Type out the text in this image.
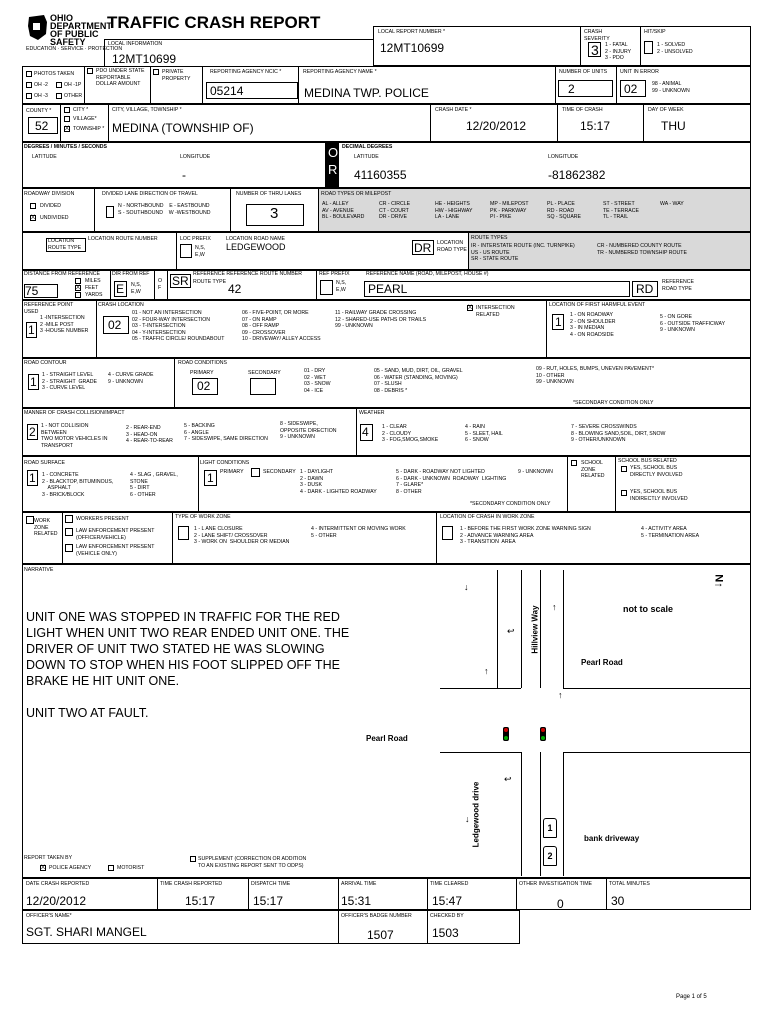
OHIO DEPARTMENT OF PUBLIC SAFETY
EDUCATION · SERVICE · PROTECTION
TRAFFIC CRASH REPORT
LOCAL INFORMATION
12MT10699
LOCAL REPORT NUMBER *
12MT10699
CRASH SEVERITY
3 1 - FATAL
2 - INJURY
3 - PDO
HIT/SKIP
1 - SOLVED
2 - UNSOLVED
PHOTOS TAKEN
OH -2	OH -1P
OH -3	OTHER
PDO UNDER STATE REPORTABLE DOLLAR AMOUNT
PRIVATE PROPERTY
REPORTING AGENCY NCIC *
05214
REPORTING AGENCY NAME *
MEDINA TWP. POLICE
NUMBER OF UNITS
2
UNIT IN ERROR
02	98 - ANIMAL
99 - UNKNOWN
COUNTY *
52
CITY *
VILLAGE*
X TOWNSHIP *
CITY, VILLAGE, TOWNSHIP *
MEDINA (TOWNSHIP OF)
CRASH DATE *
12/20/2012
TIME OF CRASH
15:17
DAY OF WEEK
THU
DEGREES / MINUTES / SECONDS
LATITUDE	LONGITUDE
-
O
R
DECIMAL DEGREES
LATITUDE	LONGITUDE
41160355	-81862382
ROADWAY DIVISION
DIVIDED
X UNDIVIDED
DIVIDED LANE DIRECTION OF TRAVEL
N - NORTHBOUND    E - EASTBOUND
S - SOUTHBOUND    W -WESTBOUND
NUMBER OF THRU LANES
3
ROAD TYPES OR MILEPOST
AL - ALLEY
AV - AVENUE
BL - BOULEVARD
CR - CIRCLE
CT - COURT
DR - DRIVE
HE - HEIGHTS
HW - HIGHWAY
LA - LANE
MP - MILEPOST
PK - PARKWAY
PI - PIKE
PL - PLACE
RD - ROAD
SQ - SQUARE
ST - STREET
TE - TERRACE
TL - TRAIL
WA - WAY
LOCATION ROUTE TYPE
LOCATION ROUTE NUMBER	LOC PREFIX
N,S,
E,W
LOCATION ROAD NAME
LEDGEWOOD	DR LOCATION ROAD TYPE
ROUTE TYPES
IR - INTERSTATE ROUTE (INC. TURNPIKE)
US - US ROUTE
SR - STATE ROUTE
CR - NUMBERED COUNTY ROUTE
TR - NUMBERED TOWNSHIP ROUTE
DISTANCE FROM REFERENCE
75
MILES
X FEET
YARDS
DIR FROM REF
E N,S,
E,W
O
F SR REFERENCE REFERENCE ROUTE NUMBER
ROUTE TYPE 42
REF PREFIX
N,S,
E,W
REFERENCE NAME (ROAD, MILEPOST, HOUSE #)
PEARL	RD REFERENCE ROAD TYPE
REFERENCE POINT USED
1
1 -INTERSECTION
2 -MILE POST
3 -HOUSE NUMBER
CRASH LOCATION
02
01 - NOT AN INTERSECTION
02 - FOUR-WAY INTERSECTION
03 - T-INTERSECTION
04 - Y-INTERSECTION
05 - TRAFFIC CIRCLE/ ROUNDABOUT
06 - FIVE-POINT, OR MORE
07 - ON RAMP
08 - OFF RAMP
09 - CROSSOVER
10 - DRIVEWAY/ ALLEY ACCESS
11 - RAILWAY GRADE CROSSING
12 - SHARED-USE PATHS OR TRAILS
99 - UNKNOWN
X INTERSECTION RELATED
LOCATION OF FIRST HARMFUL EVENT
1 1 - ON ROADWAY
2 - ON SHOULDER
3 - IN MEDIAN
4 - ON ROADSIDE
5 - ON GORE
6 - OUTSIDE TRAFFICWAY
9 - UNKNOWN
ROAD CONTOUR
1 1 - STRAIGHT LEVEL
2 - STRAIGHT  GRADE
3 - CURVE LEVEL
4 - CURVE GRADE
9 - UNKNOWN
ROAD CONDITIONS
PRIMARY	SECONDARY
02
01 - DRY
02 - WET
03 - SNOW
04 - ICE
05 - SAND, MUD, DIRT, OIL, GRAVEL
06 - WATER (STANDING, MOVING)
07 - SLUSH
08 - DEBRIS *
09 - RUT, HOLES, BUMPS, UNEVEN PAVEMENT*
10 - OTHER
99 - UNKNOWN
*SECONDARY CONDITION ONLY
MANNER OF CRASH COLLISION/IMPACT
2 1 - NOT COLLISION
BETWEEN
TWO MOTOR VEHICLES IN
TRANSPORT
2 - REAR-END
3 - HEAD-ON
4 - REAR-TO-REAR
5 - BACKING
6 - ANGLE
7 - SIDESWIPE, SAME DIRECTION
8 - SIDESWIPE,
OPPOSITE DIRECTION
9 - UNKNOWN
WEATHER
4	1 - CLEAR
2 - CLOUDY
3 - FOG,SMOG,SMOKE
4 - RAIN
5 - SLEET, HAIL
6 - SNOW
7 - SEVERE CROSSWINDS
8 - BLOWING SAND,SOIL, DIRT, SNOW
9 - OTHER/UNKNOWN
ROAD SURFACE
1 1 - CONCRETE
2 - BLACKTOP, BITUMINOUS,
ASPHALT
3 - BRICK/BLOCK
4 - SLAG , GRAVEL,
STONE
5 - DIRT
6 - OTHER
LIGHT CONDITIONS
1 PRIMARY	SECONDARY 1 - DAYLIGHT
2 - DAWN
3 - DUSK
4 - DARK - LIGHTED ROADWAY
5 - DARK - ROADWAY NOT LIGHTED
6 - DARK - UNKNOWN  ROADWAY  LIGHTING
7 - GLARE*
8 - OTHER
9 - UNKNOWN
*SECONDARY CONDITION ONLY
SCHOOL ZONE RELATED
SCHOOL BUS RELATED
YES, SCHOOL BUS DIRECTLY INVOLVED
YES, SCHOOL BUS INDIRECTLY INVOLVED
WORK ZONE RELATED
WORKERS PRESENT
LAW ENFORCEMENT PRESENT (OFFICER/VEHICLE)
LAW ENFORCEMENT PRESENT (VEHICLE ONLY)
TYPE OF WORK ZONE
1 - L ANE CLOSURE
2 - LANE SHIFT/ CROSSOVER
3 - WORK ON  SHOULDER OR MEDIAN
4 - INTERMITTENT OR MOVING WORK
5 - OTHER
LOCATION OF CRASH IN WORK ZONE
1 - BEFORE THE FIRST WORK ZONE WARNING SIGN
2 - ADVANCE WARNING AREA
3 - TRANSITION  AREA
4 - ACTIVITY AREA
5 - TERMINATION AREA
NARRATIVE
UNIT ONE WAS STOPPED IN TRAFFIC FOR THE RED
LIGHT WHEN UNIT TWO REAR ENDED UNIT ONE. THE
DRIVER OF UNIT TWO STATED HE WAS SLOWING
DOWN TO STOP WHEN HIS FOOT SLIPPED OFF THE
BRAKE HE HIT UNIT ONE.

UNIT TWO AT FAULT.
N↑
not to scale
Hillview Way
Pearl Road
Pearl Road
Ledgewood drive	bank driveway
↓
↑
↩
↑
↑
↩
↓
1
2
REPORT TAKEN BY
X POLICE AGENCY	MOTORIST
SUPPLEMENT (CORRECTION OR ADDITION
TO AN EXISTING REPORT SENT TO ODPS)
DATE CRASH REPORTED
12/20/2012
TIME CRASH REPORTED
15:17
DISPATCH TIME
15:17
ARRIVAL TIME
15:31
TIME CLEARED
15:47
OTHER INVESTIGATION TIME
0
TOTAL MINUTES
30
OFFICER'S NAME*
SGT. SHARI MANGEL
OFFICER'S BADGE NUMBER
1507
CHECKED BY
1503
Page 1 of 5
